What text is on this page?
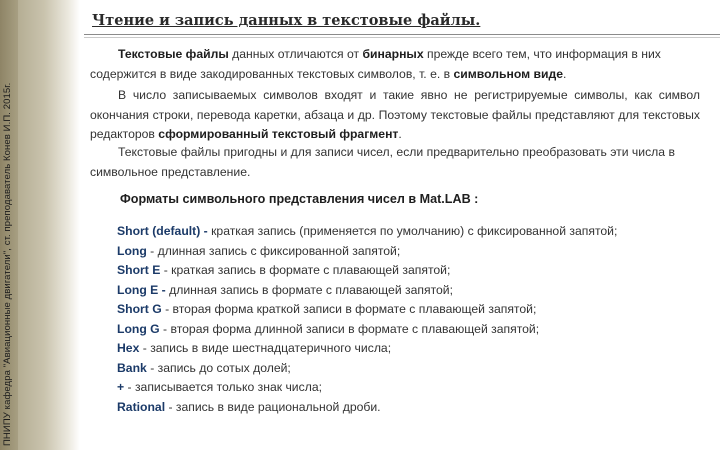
ПНИПУ кафедра "Авиационные двигатели", ст. преподаватель Конев И.П. 2015г.
Чтение и запись данных в текстовые файлы.

Текстовые файлы данных отличаются от бинарных прежде всего тем, что информация в них содержится в виде закодированных текстовых символов, т. е. в символьном виде.

В число записываемых символов входят и такие явно не регистрируемые символы, как символ окончания строки, перевода каретки, абзаца и др. Поэтому текстовые файлы представляют для текстовых редакторов сформированный текстовый фрагмент.

Текстовые файлы пригодны и для записи чисел, если предварительно преобразовать эти числа в символьное представление.

Форматы символьного представления чисел в Mat.LAB :
Short (default) - краткая запись (применяется по умолчанию) с фиксированной запятой;
Long - длинная запись с фиксированной запятой;
Short E - краткая запись в формате с плавающей запятой;
Long E - длинная запись в формате с плавающей запятой;
Short G - вторая форма краткой записи в формате с плавающей запятой;
Long G - вторая форма длинной записи в формате с плавающей запятой;
Hex - запись в виде шестнадцатеричного числа;
Bank - запись до сотых долей;
+ - записывается только знак числа;
Rational - запись в виде рациональной дроби.
